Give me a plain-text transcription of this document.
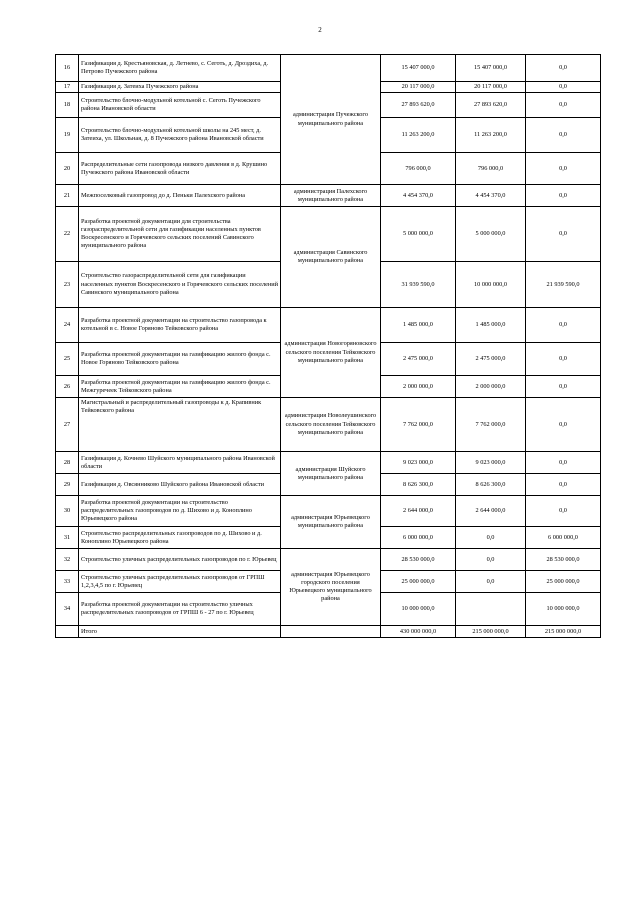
2
16	Газификация д. Крестьяновская, д. Летнево, с. Сеготь, д. Дроздиха, д. Петрово Пучежского района	администрация Пучежского муниципального района	15 407 000,0	15 407 000,0	0,0
17	Газификация д. Затеиха Пучежского района		20 117 000,0	20 117 000,0	0,0
18	Строительство блочно-модульной котельной с. Сеготь Пучежского района Ивановской области		27 893 620,0	27 893 620,0	0,0
19	Строительство блочно-модульной котельной школы на 245 мест, д. Затеиха, ул. Школьная, д. 8 Пучежского района Ивановской области		11 263 200,0	11 263 200,0	0,0
20	Распределительные сети газопровода низкого давления в д. Крушино Пучежского района Ивановской области		796 000,0	796 000,0	0,0
21	Межпоселковый газопровод до д. Пеньки Палехского района	администрация Палехского муниципального района	4 454 370,0	4 454 370,0	0,0
22	Разработка проектной документации для строительства газораспределительной сети для газификации населенных пунктов Воскресенского и Горячевского сельских поселений Савинского муниципального района	администрация Савинского муниципального района	5 000 000,0	5 000 000,0	0,0
23	Строительство газораспределительной сети для газификации населенных пунктов Воскресенского и Горячевского сельских поселений Савинского муниципального района		31 939 590,0	10 000 000,0	21 939 590,0
24	Разработка проектной документации на строительство газопровода к котельной в с. Новое Горяново Тейковского района	администрация Новогоряновского сельского поселения Тейковского муниципального района	1 485 000,0	1 485 000,0	0,0
25	Разработка проектной документации на газификацию жилого фонда с. Новое Горяново Тейковского района		2 475 000,0	2 475 000,0	0,0
26	Разработка проектной документации на газификацию жилого фонда с. Межгуречеек Тейковского района		2 000 000,0	2 000 000,0	0,0
27	Магистральный и распределительный газопроводы к д. Крапивник Тейковского района	администрация Новолеушинского сельского поселения Тейковского муниципального района	7 762 000,0	7 762 000,0	0,0
28	Газификация д. Кочнево Шуйского муниципального района Ивановской области	администрация Шуйского муниципального района	9 023 000,0	9 023 000,0	0,0
29	Газификация д. Овсянниково Шуйского района Ивановской области		8 626 300,0	8 626 300,0	0,0
30	Разработка проектной документации на строительство распределительных газопроводов по д. Шихово и д. Коноплино Юрьевецкого района	администрация Юрьевецкого муниципального района	2 644 000,0	2 644 000,0	0,0
31	Строительство распределительных газопроводов по д. Шихово и д. Коноплино Юрьевецкого района		6 000 000,0	0,0	6 000 000,0
32	Строительство уличных распределительных газопроводов по г. Юрьевец	администрация Юрьевецкого городского поселения Юрьевецкого муниципального района	28 530 000,0	0,0	28 530 000,0
33	Строительство уличных распределительных газопроводов от ГРПШ 1,2,3,4,5 по г. Юрьевец		25 000 000,0	0,0	25 000 000,0
34	Разработка проектной документации на строительство уличных распределительных газопроводов от ГРПШ 6 - 27 по г. Юрьевец		10 000 000,0		10 000 000,0
	Итого		430 000 000,0	215 000 000,0	215 000 000,0
